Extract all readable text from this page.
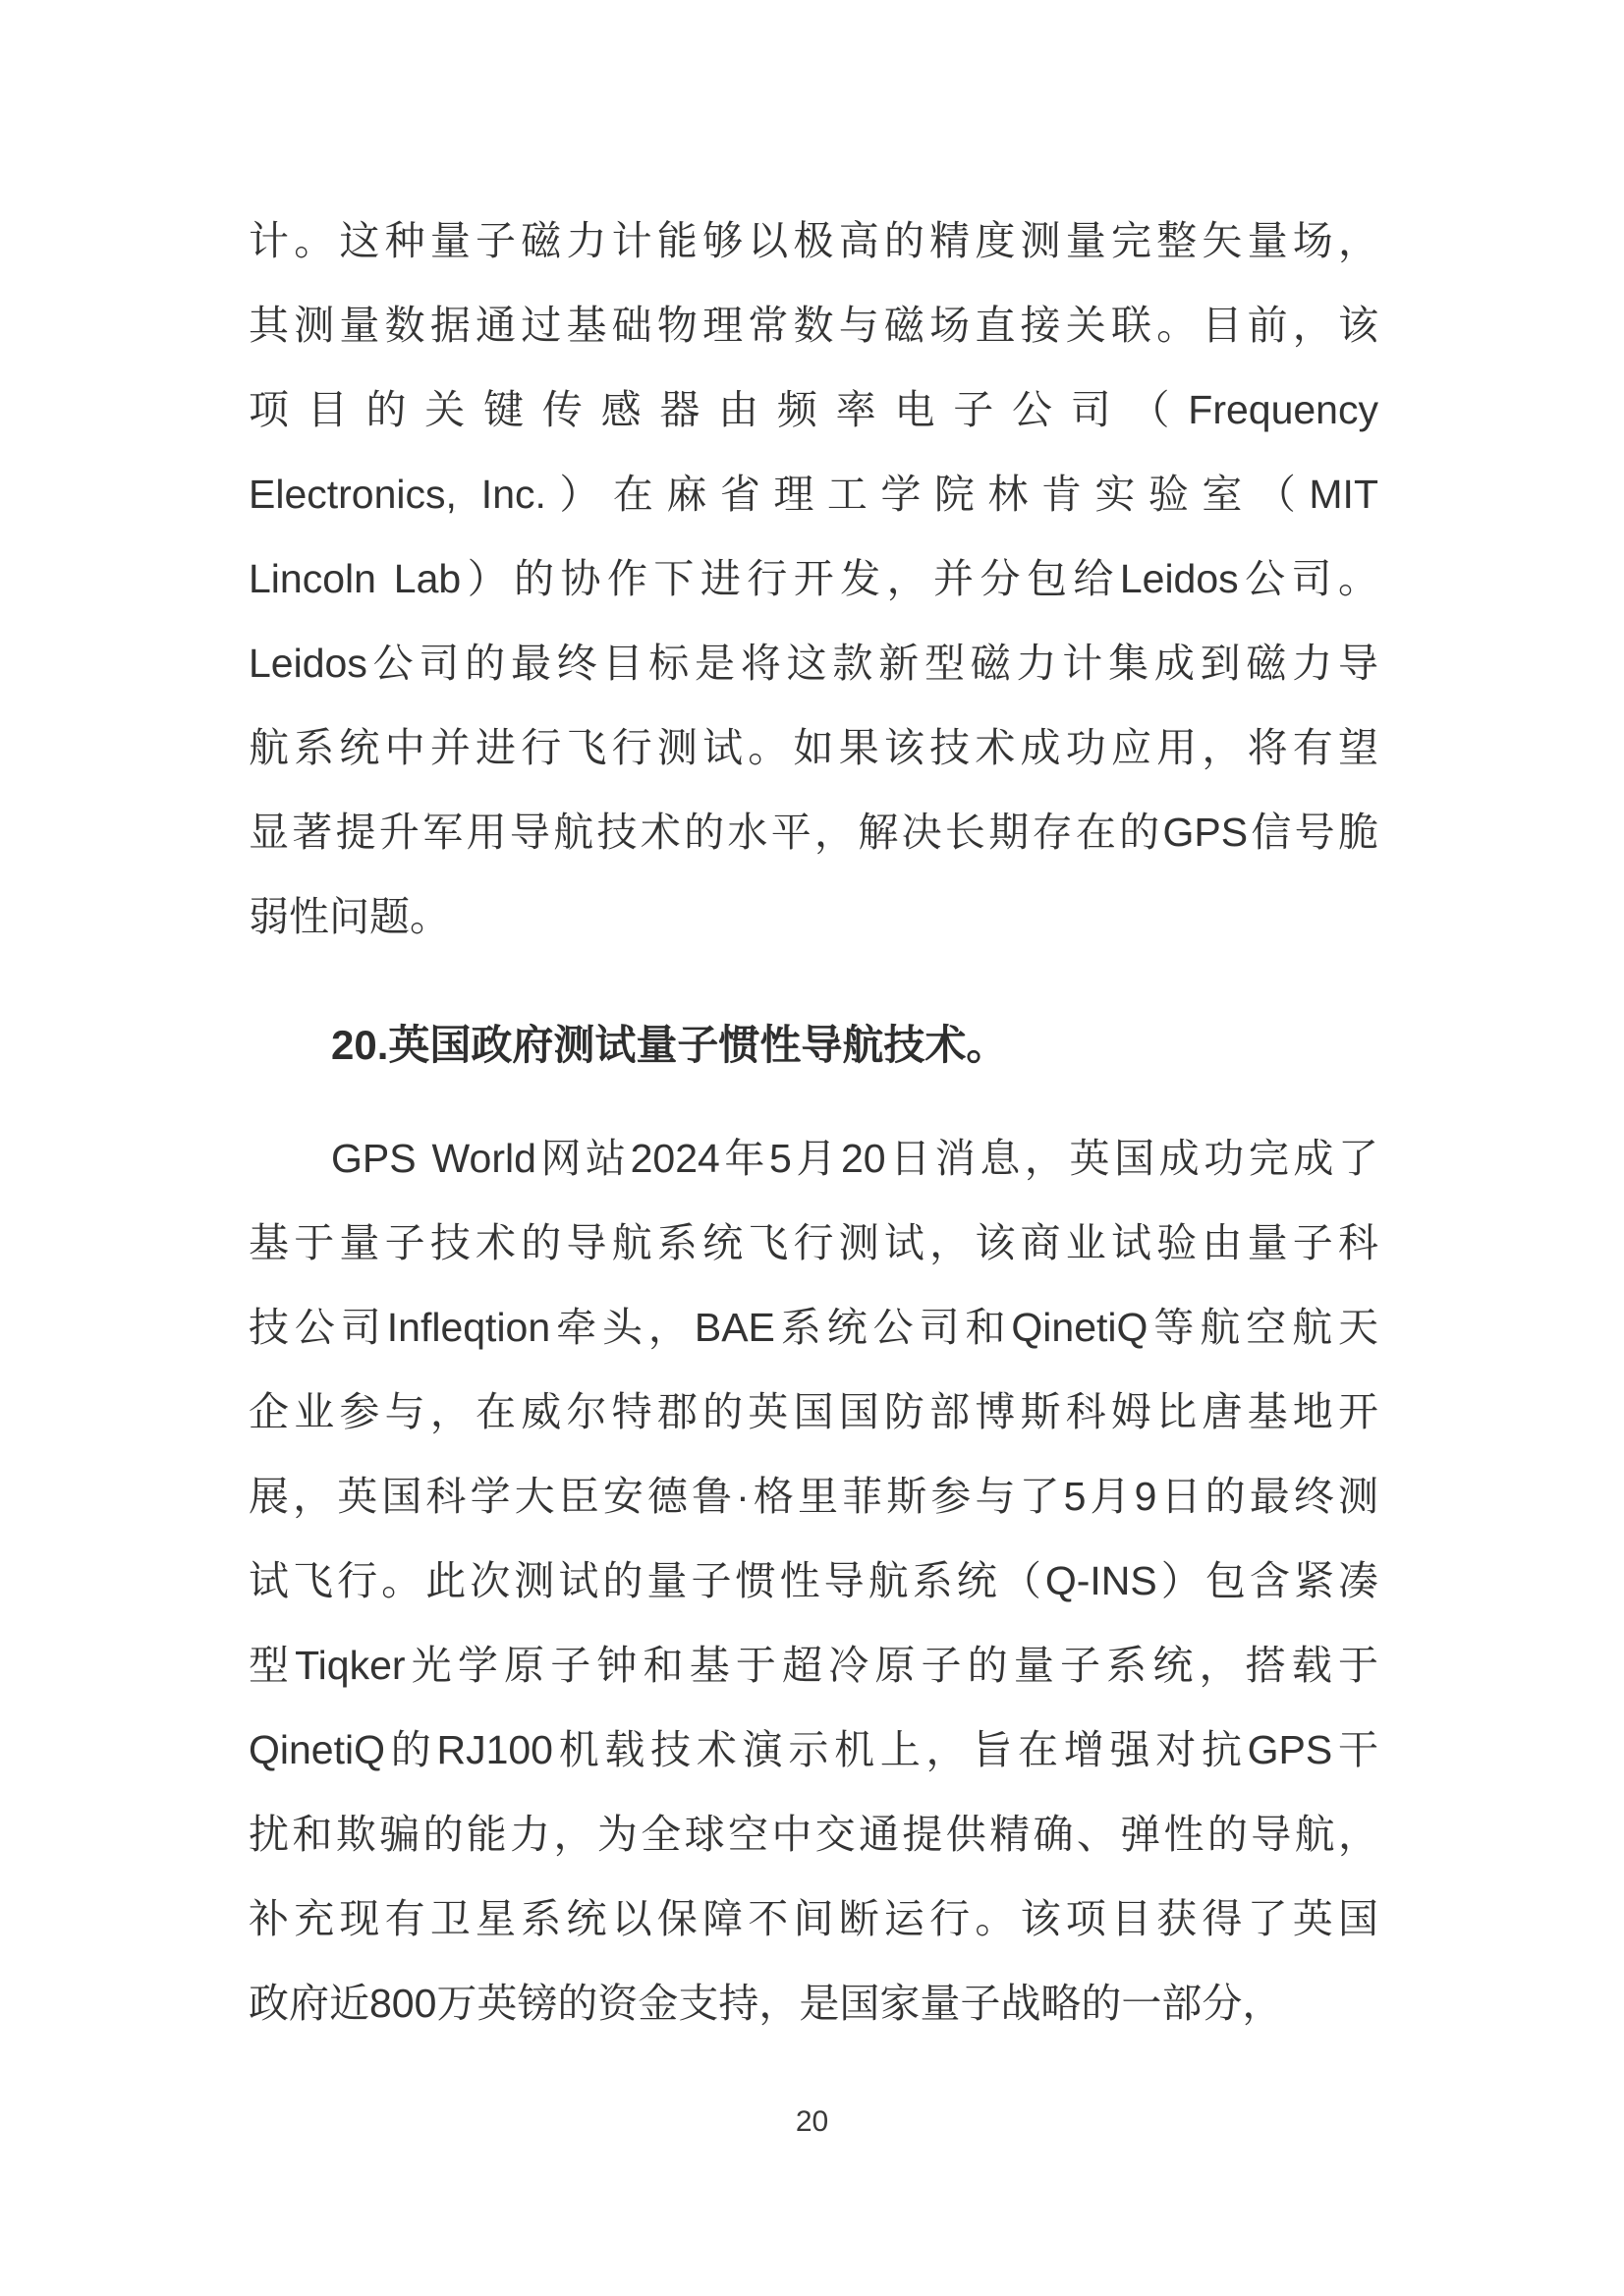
计。这种量子磁力计能够以极高的精度测量完整矢量场，
其测量数据通过基础物理常数与磁场直接关联。目前，该
项目的关键传感器由频率电子公司（Frequency
Electronics, Inc.）在麻省理工学院林肯实验室（MIT
Lincoln Lab）的协作下进行开发，并分包给Leidos公司。
Leidos公司的最终目标是将这款新型磁力计集成到磁力导
航系统中并进行飞行测试。如果该技术成功应用，将有望
显著提升军用导航技术的水平，解决长期存在的GPS信号脆
弱性问题。
20.英国政府测试量子惯性导航技术。
GPS World网站2024年5月20日消息，英国成功完成了
基于量子技术的导航系统飞行测试，该商业试验由量子科
技公司Infleqtion牵头，BAE系统公司和QinetiQ等航空航天
企业参与，在威尔特郡的英国国防部博斯科姆比唐基地开
展，英国科学大臣安德鲁·格里菲斯参与了5月9日的最终测
试飞行。此次测试的量子惯性导航系统（Q-INS）包含紧凑
型Tiqker光学原子钟和基于超冷原子的量子系统，搭载于
QinetiQ的RJ100机载技术演示机上，旨在增强对抗GPS干
扰和欺骗的能力，为全球空中交通提供精确、弹性的导航，
补充现有卫星系统以保障不间断运行。该项目获得了英国
政府近800万英镑的资金支持，是国家量子战略的一部分，
20
